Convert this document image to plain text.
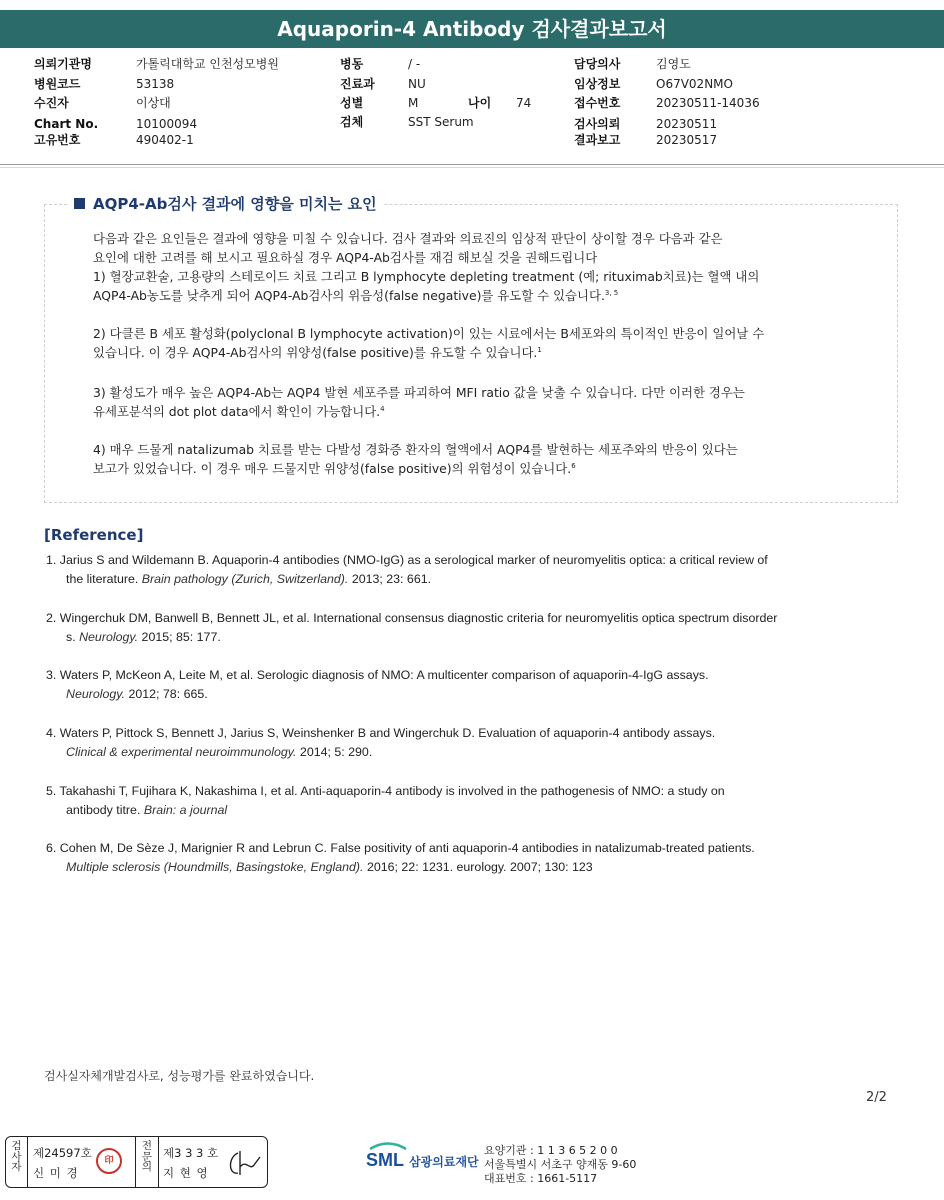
Aquaporin-4 Antibody 검사결과보고서
의뢰기관명	가톨릭대학교 인천성모병원
병원코드	53138
수진자	이상대
Chart No.	10100094
고유번호	490402-1
병동	/ -
진료과	NU
성별	M	나이 74
검체	SST Serum
담당의사	김영도
임상정보	O67V02NMO
접수번호	20230511-14036
검사의뢰	20230511
결과보고	20230517
AQP4-Ab검사 결과에 영향을 미치는 요인
다음과 같은 요인들은 결과에 영향을 미칠 수 있습니다. 검사 결과와 의료진의 임상적 판단이 상이할 경우 다음과 같은
요인에 대한 고려를 해 보시고 필요하실 경우 AQP4-Ab검사를 재검 해보실 것을 권해드립니다
1) 혈장교환술, 고용량의 스테로이드 치료 그리고 B lymphocyte depleting treatment (예; rituximab치료)는 혈액 내의
AQP4-Ab농도를 낮추게 되어 AQP4-Ab검사의 위음성(false negative)를 유도할 수 있습니다.$^{3, 5}$
2) 다클른 B 세포 활성화(polyclonal B lymphocyte activation)이 있는 시료에서는 B세포와의 특이적인 반응이 일어날 수
있습니다. 이 경우 AQP4-Ab검사의 위양성(false positive)를 유도할 수 있습니다.$^1$
3) 활성도가 매우 높은 AQP4-Ab는 AQP4 발현 세포주를 파괴하여 MFI ratio 값을 낮출 수 있습니다. 다만 이러한 경우는
유세포분석의 dot plot data에서 확인이 가능합니다.$^4$
4) 매우 드물게 natalizumab 치료를 받는 다발성 경화증 환자의 혈액에서 AQP4를 발현하는 세포주와의 반응이 있다는
보고가 있었습니다. 이 경우 매우 드물지만 위양성(false positive)의 위험성이 있습니다.$^6$
[Reference]
1. Jarius S and Wildemann B. Aquaporin-4 antibodies (NMO-IgG) as a serological marker of neuromyelitis optica: a critical review of
the literature. Brain pathology (Zurich, Switzerland). 2013; 23: 661.
2. Wingerchuk DM, Banwell B, Bennett JL, et al. International consensus diagnostic criteria for neuromyelitis optica spectrum disorder
s. Neurology. 2015; 85: 177.
3. Waters P, McKeon A, Leite M, et al. Serologic diagnosis of NMO: A multicenter comparison of aquaporin-4-IgG assays.
Neurology. 2012; 78: 665.
4. Waters P, Pittock S, Bennett J, Jarius S, Weinshenker B and Wingerchuk D. Evaluation of aquaporin-4 antibody assays.
Clinical & experimental neuroimmunology. 2014; 5: 290.
5. Takahashi T, Fujihara K, Nakashima I, et al. Anti-aquaporin-4 antibody is involved in the pathogenesis of NMO: a study on
antibody titre. Brain: a journal
6. Cohen M, De Sèze J, Marignier R and Lebrun C. False positivity of anti aquaporin-4 antibodies in natalizumab-treated patients.
Multiple sclerosis (Houndmills, Basingstoke, England). 2016; 22: 1231. eurology. 2007; 130: 123
검사실자체개발검사로, 성능평가를 완료하였습니다.
2/2
검사자
전문의
제24597호
신 미 경
제3 3 3 호
지 현 영
印	SML 삼광의료재단
요양기관 : 1 1 3 6 5 2 0 0
서울특별시 서초구 양재동 9-60
대표번호 : 1661-5117
